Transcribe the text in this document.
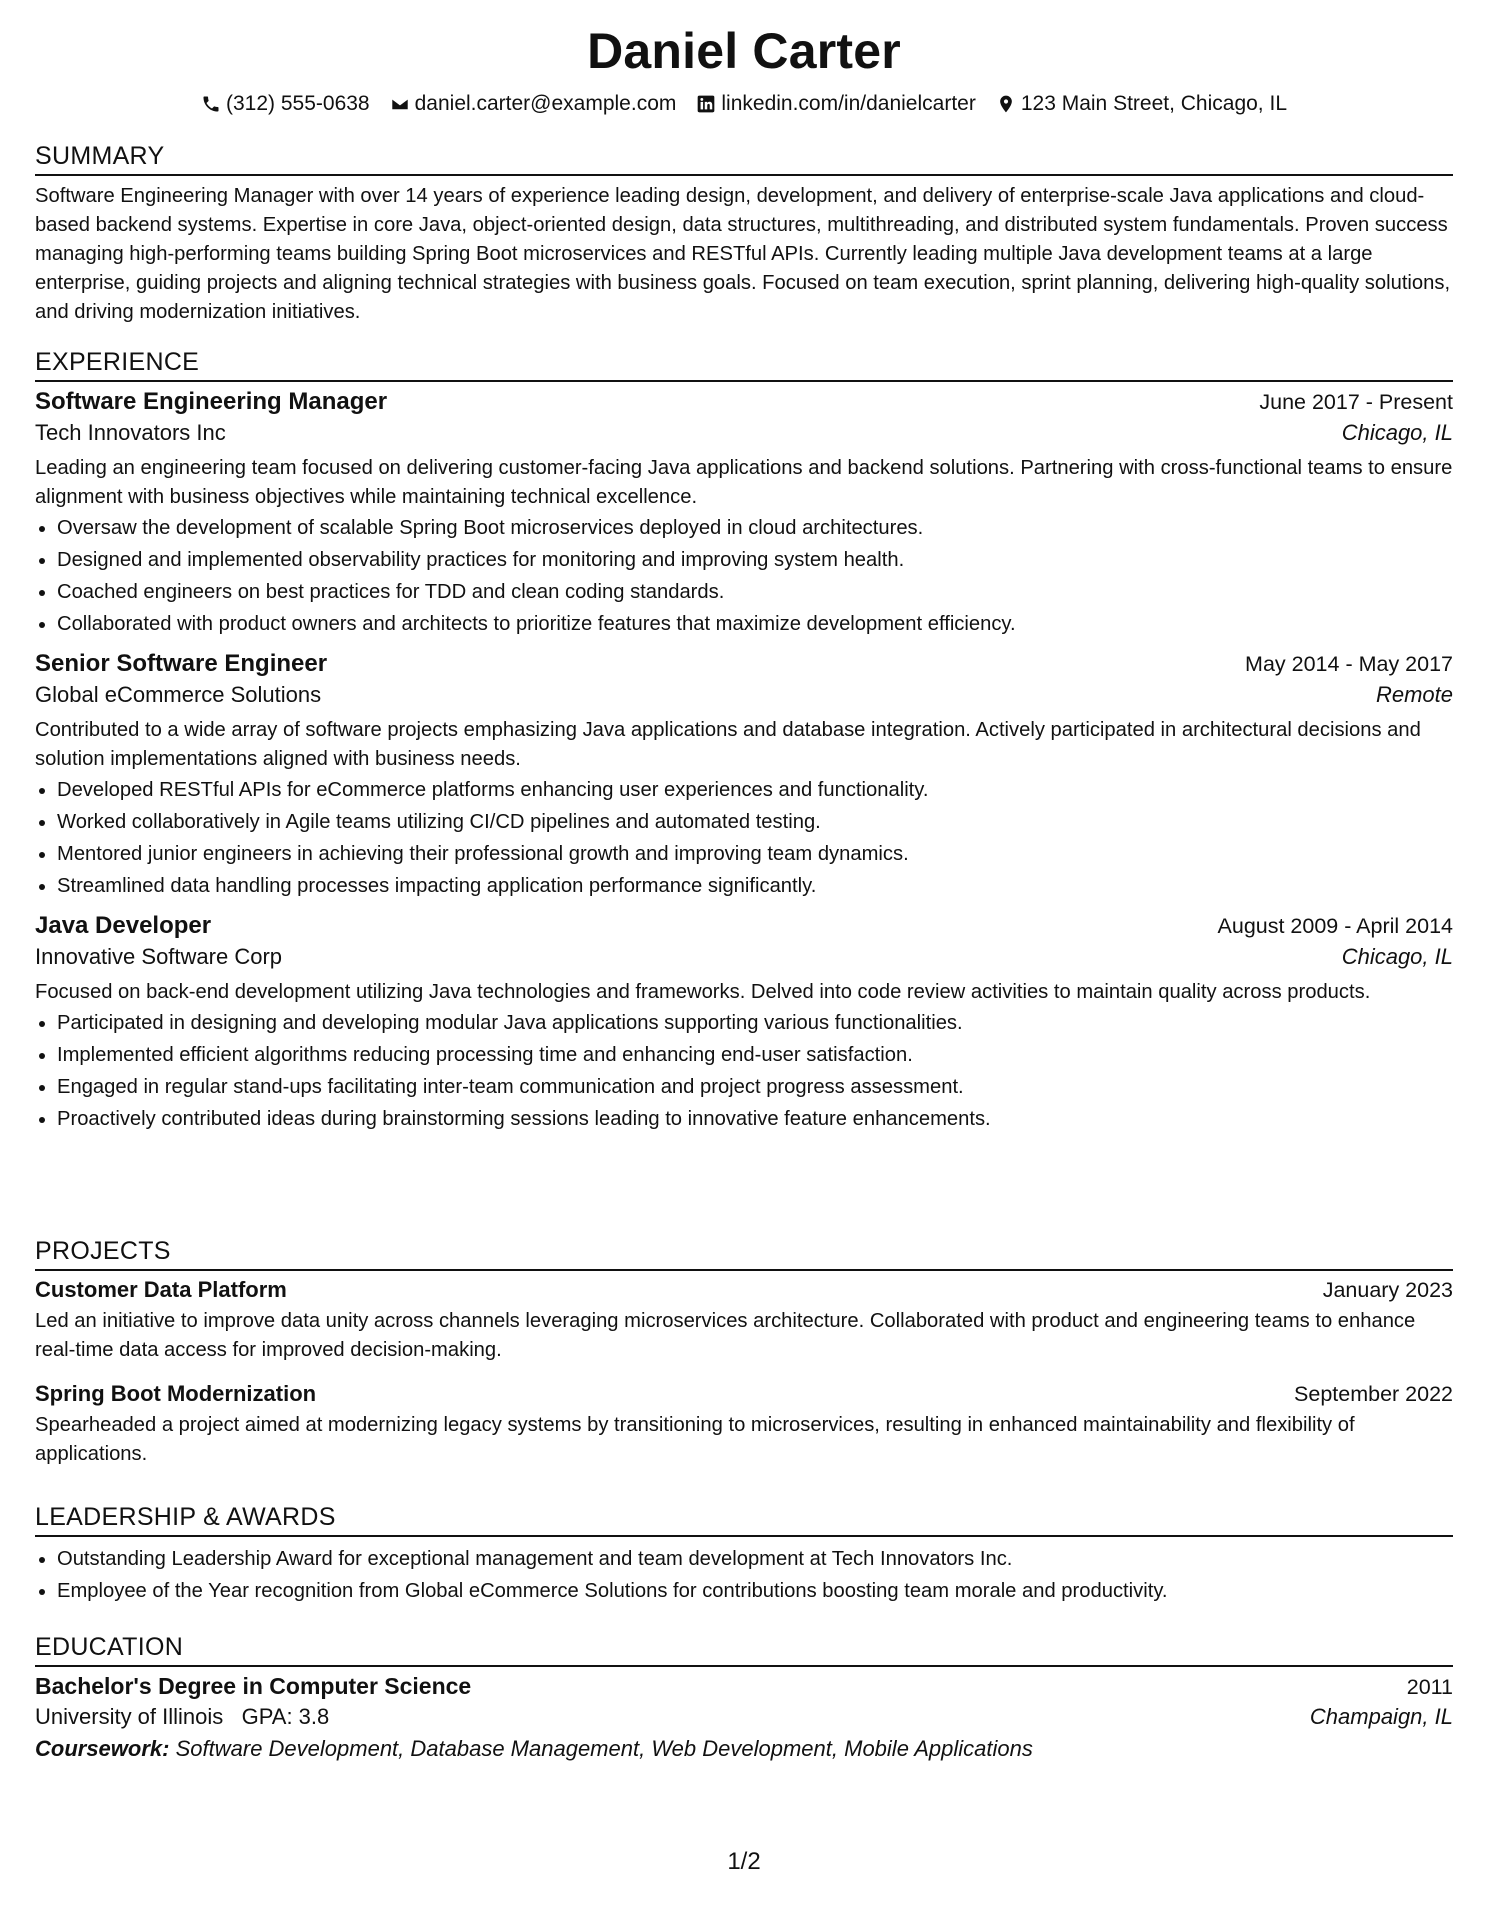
Daniel Carter
(312) 555-0638 daniel.carter@example.com linkedin.com/in/danielcarter 123 Main Street, Chicago, IL
SUMMARY

Software Engineering Manager with over 14 years of experience leading design, development, and delivery of enterprise-scale Java applications and cloud-based backend systems. Expertise in core Java, object-oriented design, data structures, multithreading, and distributed system fundamentals. Proven success managing high-performing teams building Spring Boot microservices and RESTful APIs. Currently leading multiple Java development teams at a large enterprise, guiding projects and aligning technical strategies with business goals. Focused on team execution, sprint planning, delivering high-quality solutions, and driving modernization initiatives.

EXPERIENCE
Software Engineering Manager	June 2017 - Present
Tech Innovators Inc	Chicago, IL

Leading an engineering team focused on delivering customer-facing Java applications and backend solutions. Partnering with cross-functional teams to ensure alignment with business objectives while maintaining technical excellence.

• Oversaw the development of scalable Spring Boot microservices deployed in cloud architectures.
• Designed and implemented observability practices for monitoring and improving system health.
• Coached engineers on best practices for TDD and clean coding standards.
• Collaborated with product owners and architects to prioritize features that maximize development efficiency.
Senior Software Engineer	May 2014 - May 2017
Global eCommerce Solutions	Remote

Contributed to a wide array of software projects emphasizing Java applications and database integration. Actively participated in architectural decisions and solution implementations aligned with business needs.

• Developed RESTful APIs for eCommerce platforms enhancing user experiences and functionality.
• Worked collaboratively in Agile teams utilizing CI/CD pipelines and automated testing.
• Mentored junior engineers in achieving their professional growth and improving team dynamics.
• Streamlined data handling processes impacting application performance significantly.
Java Developer	August 2009 - April 2014
Innovative Software Corp	Chicago, IL

Focused on back-end development utilizing Java technologies and frameworks. Delved into code review activities to maintain quality across products.

• Participated in designing and developing modular Java applications supporting various functionalities.
• Implemented efficient algorithms reducing processing time and enhancing end-user satisfaction.
• Engaged in regular stand-ups facilitating inter-team communication and project progress assessment.
• Proactively contributed ideas during brainstorming sessions leading to innovative feature enhancements.
PROJECTS
Customer Data Platform	January 2023

Led an initiative to improve data unity across channels leveraging microservices architecture. Collaborated with product and engineering teams to enhance real-time data access for improved decision-making.

Spring Boot Modernization	September 2022

Spearheaded a project aimed at modernizing legacy systems by transitioning to microservices, resulting in enhanced maintainability and flexibility of applications.

LEADERSHIP & AWARDS
• Outstanding Leadership Award for exceptional management and team development at Tech Innovators Inc.
• Employee of the Year recognition from Global eCommerce Solutions for contributions boosting team morale and productivity.
EDUCATION
Bachelor's Degree in Computer Science	2011
University of Illinois GPA: 3.8	Champaign, IL
Coursework: Software Development, Database Management, Web Development, Mobile Applications
1/2
